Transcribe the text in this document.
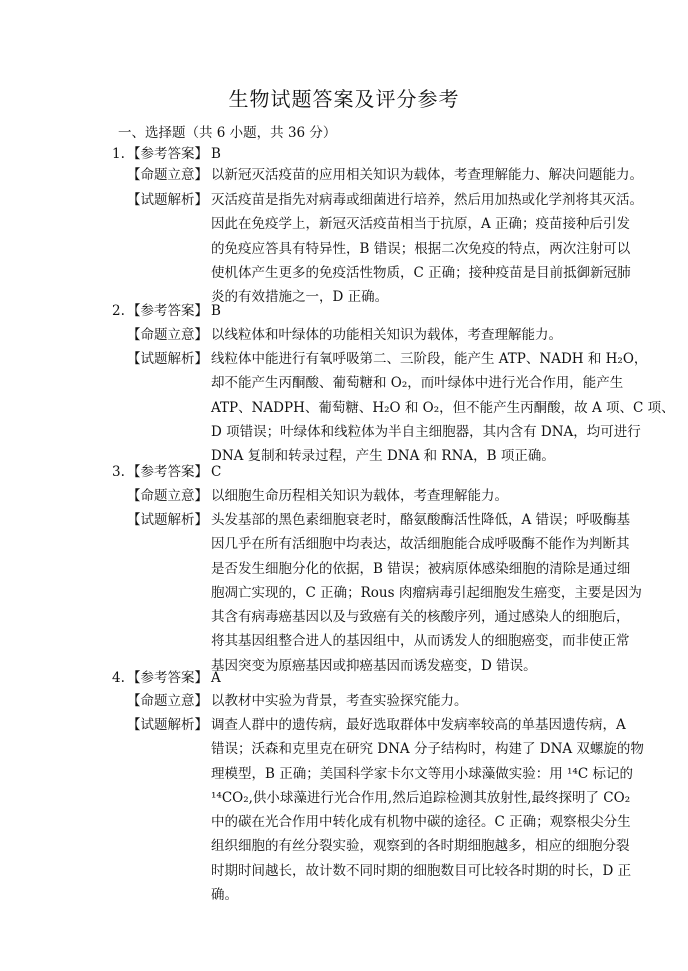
生物试题答案及评分参考
一、选择题（共 6 小题，共 36 分）
1. 【参考答案】 B
【命题立意】 以新冠灭活疫苗的应用相关知识为载体，考查理解能力、解决问题能力。
【试题解析】 灭活疫苗是指先对病毒或细菌进行培养，然后用加热或化学剂将其灭活。
因此在免疫学上，新冠灭活疫苗相当于抗原，A 正确；疫苗接种后引发
的免疫应答具有特异性，B 错误；根据二次免疫的特点，两次注射可以
使机体产生更多的免疫活性物质，C 正确；接种疫苗是目前抵御新冠肺
炎的有效措施之一，D 正确。
2. 【参考答案】 B
【命题立意】 以线粒体和叶绿体的功能相关知识为载体，考查理解能力。
【试题解析】 线粒体中能进行有氧呼吸第二、三阶段，能产生 ATP、NADH 和 H₂O，
却不能产生丙酮酸、葡萄糖和 O₂，而叶绿体中进行光合作用，能产生
ATP、NADPH、葡萄糖、H₂O 和 O₂，但不能产生丙酮酸，故 A 项、C 项、
D 项错误；叶绿体和线粒体为半自主细胞器，其内含有 DNA，均可进行
DNA 复制和转录过程，产生 DNA 和 RNA，B 项正确。
3. 【参考答案】 C
【命题立意】 以细胞生命历程相关知识为载体，考查理解能力。
【试题解析】 头发基部的黑色素细胞衰老时，酪氨酸酶活性降低，A 错误；呼吸酶基
因几乎在所有活细胞中均表达，故活细胞能合成呼吸酶不能作为判断其
是否发生细胞分化的依据，B 错误；被病原体感染细胞的清除是通过细
胞凋亡实现的，C 正确；Rous 肉瘤病毒引起细胞发生癌变，主要是因为
其含有病毒癌基因以及与致癌有关的核酸序列，通过感染人的细胞后，
将其基因组整合进人的基因组中，从而诱发人的细胞癌变，而非使正常
基因突变为原癌基因或抑癌基因而诱发癌变，D 错误。
4. 【参考答案】 A
【命题立意】 以教材中实验为背景，考查实验探究能力。
【试题解析】 调查人群中的遗传病，最好选取群体中发病率较高的单基因遗传病，A
错误；沃森和克里克在研究 DNA 分子结构时，构建了 DNA 双螺旋的物
理模型，B 正确；美国科学家卡尔文等用小球藻做实验：用 ¹⁴C 标记的
¹⁴CO₂,供小球藻进行光合作用,然后追踪检测其放射性,最终探明了 CO₂
中的碳在光合作用中转化成有机物中碳的途径。C 正确；观察根尖分生
组织细胞的有丝分裂实验，观察到的各时期细胞越多，相应的细胞分裂
时期时间越长，故计数不同时期的细胞数目可比较各时期的时长，D 正
确。
